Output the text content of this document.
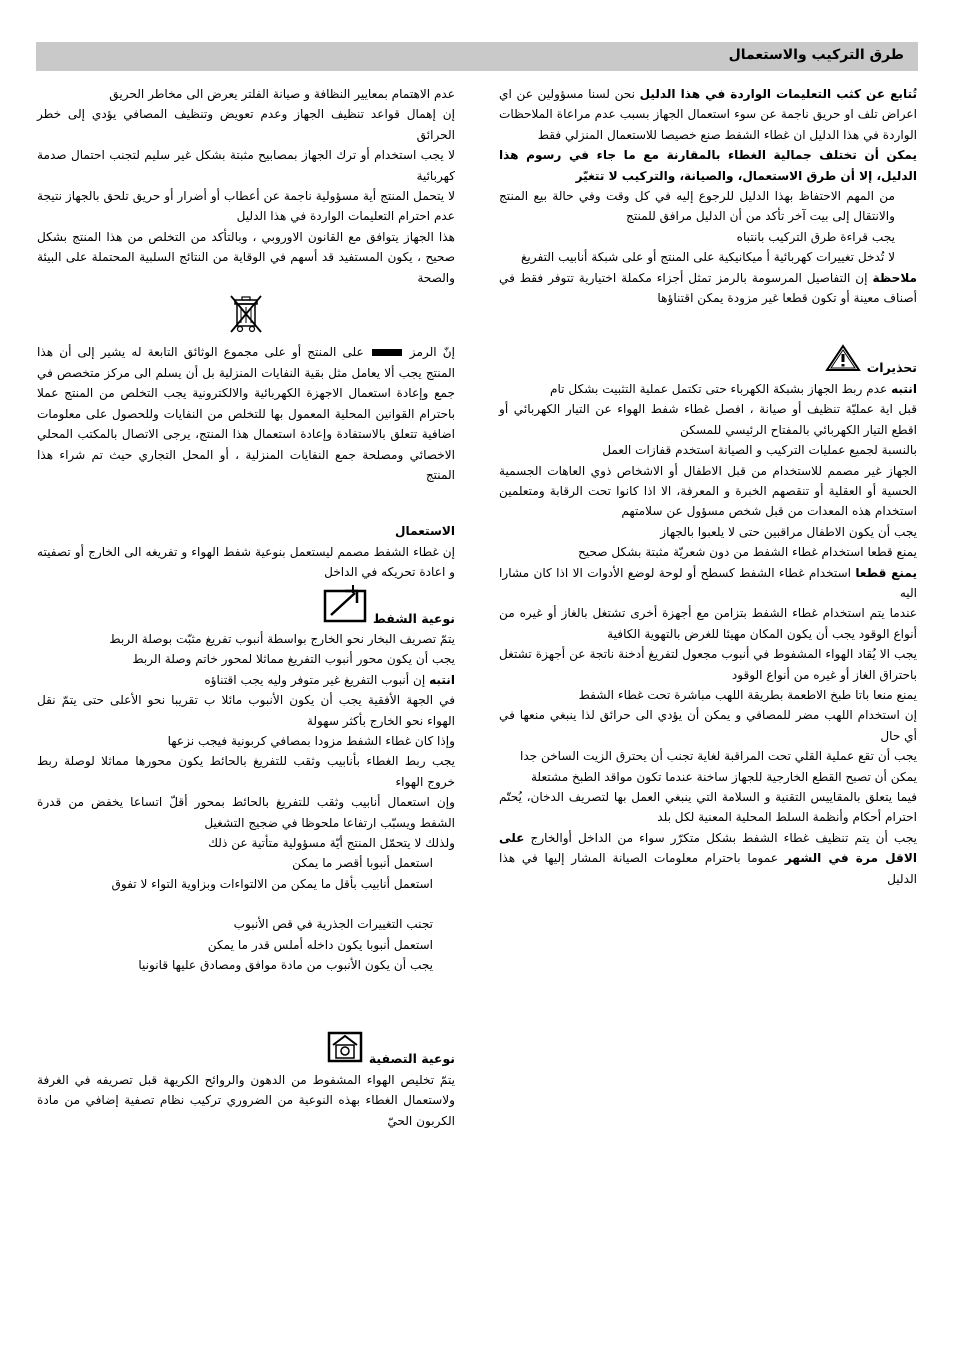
طرق التركيب والاستعمال

تُتابع عن كثب التعليمات الواردة في هذا الدليل نحن لسنا مسؤولين عن اي اعراض تلف او حريق ناجمة عن سوء استعمال الجهاز بسبب عدم مراعاة الملاحظات الواردة في هذا الدليل ان غطاء الشفط صنع خصيصا للاستعمال المنزلي فقط

يمكن أن تختلف جمالية الغطاء بالمقارنة مع ما جاء في رسوم هذا الدليل، إلا أن طرق الاستعمال، والصيانة، والتركيب لا تتغيّر

من المهم الاحتفاظ بهذا الدليل للرجوع إليه في كل وقت وفي حالة بيع المنتج والانتقال إلى بيت آخر تأكد من أن الدليل مرافق للمنتج

يجب قراءة طرق التركيب بانتباه

لا تُدخل تغييرات كهربائية أ ميكانيكية على المنتج أو على شبكة أنابيب التفريغ

ملاحظة إن التفاصيل المرسومة بالرمز تمثل أجزاء مكملة اختيارية تتوفر فقط في أصناف معينة أو تكون قطعا غير مزودة يمكن اقتناؤها

تحذيرات

انتبه عدم ربط الجهاز بشبكة الكهرباء حتى تكتمل عملية التثبيت بشكل تام

قبل اية عمليّة تنظيف أو صيانة ، افصل غطاء شفط الهواء عن التيار الكهربائي أو اقطع التيار الكهربائي بالمفتاح الرئيسي للمسكن

بالنسبة لجميع عمليات التركيب و الصيانة استخدم قفازات العمل

الجهاز غير مصمم للاستخدام من قبل الاطفال أو الاشخاص ذوي العاهات الجسمية الحسية أو العقلية أو تنقصهم الخبرة و المعرفة، الا اذا كانوا تحت الرقابة ومتعلمين استخدام هذه المعدات من قبل شخص مسؤول عن سلامتهم

يجب أن يكون الاطفال مراقبين حتى لا يلعبوا بالجهاز

يمنع قطعا استخدام غطاء الشفط من دون شعريّة مثبتة بشكل صحيح

يمنع قطعا استخدام غطاء الشفط كسطح أو لوحة لوضع الأدوات الا اذا كان مشارا اليه

عندما يتم استخدام غطاء الشفط بتزامن مع أجهزة أخرى تشتغل بالغاز أو غيره من أنواع الوقود يجب أن يكون المكان مهيئا للغرض بالتهوية الكافية

يجب الا يُقاد الهواء المشفوط في أنبوب مجعول لتفريغ أدخنة ناتجة عن أجهزة تشتغل باحتراق الغاز أو غيره من أنواع الوقود

يمنع منعا باتا طبخ الاطعمة بطريقة اللهب مباشرة تحت غطاء الشفط

إن استخدام اللهب مضر للمصافي و يمكن أن يؤدي الى حرائق لذا ينبغي منعها في أي حال

يجب أن تقع عملية القلي تحت المراقبة لغاية تجنب أن يحترق الزيت الساخن جدا

يمكن أن تصبح القطع الخارجية للجهاز ساخنة عندما تكون مواقد الطبخ مشتعلة

فيما يتعلق بالمقاييس التقنية و السلامة التي ينبغي العمل بها لتصريف الدخان، يُحتّم احترام أحكام وأنظمة السلط المحلية المعنية لكل بلد

يجب أن يتم تنظيف غطاء الشفط بشكل متكرّر سواء من الداخل أوالخارج على الاقل مرة في الشهر عموما باحترام معلومات الصيانة المشار إليها في هذا الدليل

عدم الاهتمام بمعايير النظافة و صيانة الفلتر يعرض الى مخاطر الحريق

إن إهمال قواعد تنظيف الجهاز وعدم تعويض وتنظيف المصافي يؤدي إلى خطر الحرائق

لا يجب استخدام أو ترك الجهاز بمصابيح مثبتة بشكل غير سليم لتجنب احتمال صدمة كهربائية

لا يتحمل المنتج أية مسؤولية ناجمة عن أعطاب أو أضرار أو حريق تلحق بالجهاز نتيجة عدم احترام التعليمات الواردة في هذا الدليل

هذا الجهاز يتوافق مع القانون الاوروبي ، وبالتأكد من التخلص من هذا المنتج بشكل صحيح ، يكون المستفيد قد أسهم في الوقاية من النتائج السلبية المحتملة على البيئة والصحة

إنّ الرمزعلى المنتج أو على مجموع الوثائق التابعة له يشير إلى أن هذا المنتج يجب ألا يعامل مثل بقية النفايات المنزلية بل أن يسلم الى مركز متخصص في جمع وإعادة استعمال الاجهزة الكهربائية والالكترونية يجب التخلص من المنتج عملا باحترام القوانين المحلية المعمول بها للتخلص من النفايات وللحصول على معلومات اضافية تتعلق بالاستفادة وإعادة استعمال هذا المنتج، يرجى الاتصال بالمكتب المحلي الاخصائي ومصلحة جمع النفايات المنزلية ، أو المحل التجاري حيث تم شراء هذا المنتج

الاستعمال

إن غطاء الشفط مصمم ليستعمل بنوعية شفط الهواء و تفريغه الى الخارج أو تصفيته و اعادة تحريكه في الداخل

نوعية الشفط

يتمّ تصريف البخار نحو الخارج بواسطة أنبوب تفريغ مثبّت بوصلة الربط

يجب أن يكون محور أنبوب التفريغ مماثلا لمحور خاتم وصلة الربط

انتبه إن أنبوب التفريغ غير متوفر وليه يجب اقتناؤه

في الجهة الأفقية يجب أن يكون الأنبوب مائلا ب تقريبا نحو الأعلى حتى يتمّ نقل الهواء نحو الخارج بأكثر سهولة

وإذا كان غطاء الشفط مزودا بمصافي كربونية فيجب نزعها

يجب ربط الغطاء بأنابيب وثقب للتفريغ بالحائط يكون محورها مماثلا لوصلة ربط خروج الهواء

وإن استعمال أنابيب وثقب للتفريغ بالحائط بمحور أقلّ اتساعا يخفض من قدرة الشفط ويسبّب ارتفاعا ملحوظا في ضجيج التشغيل

ولذلك لا يتحمّل المنتج أيّة مسؤولية متأتية عن ذلك

استعمل أنبوبا أقصر ما يمكن

استعمل أنابيب بأقل ما يمكن من الالتواءات وبزاوية التواء لا تفوق

تجنب التغييرات الجذرية في قص الأنبوب

استعمل أنبوبا يكون داخله أملس قدر ما يمكن

يجب أن يكون الأنبوب من مادة موافق ومصادق عليها قانونيا

نوعية التصفية

يتمّ تخليص الهواء المشفوط من الدهون والروائح الكريهة قبل تصريفه في الغرفة ولاستعمال الغطاء بهذه النوعية من الضروري تركيب نظام تصفية إضافي من مادة الكربون الحيّ
